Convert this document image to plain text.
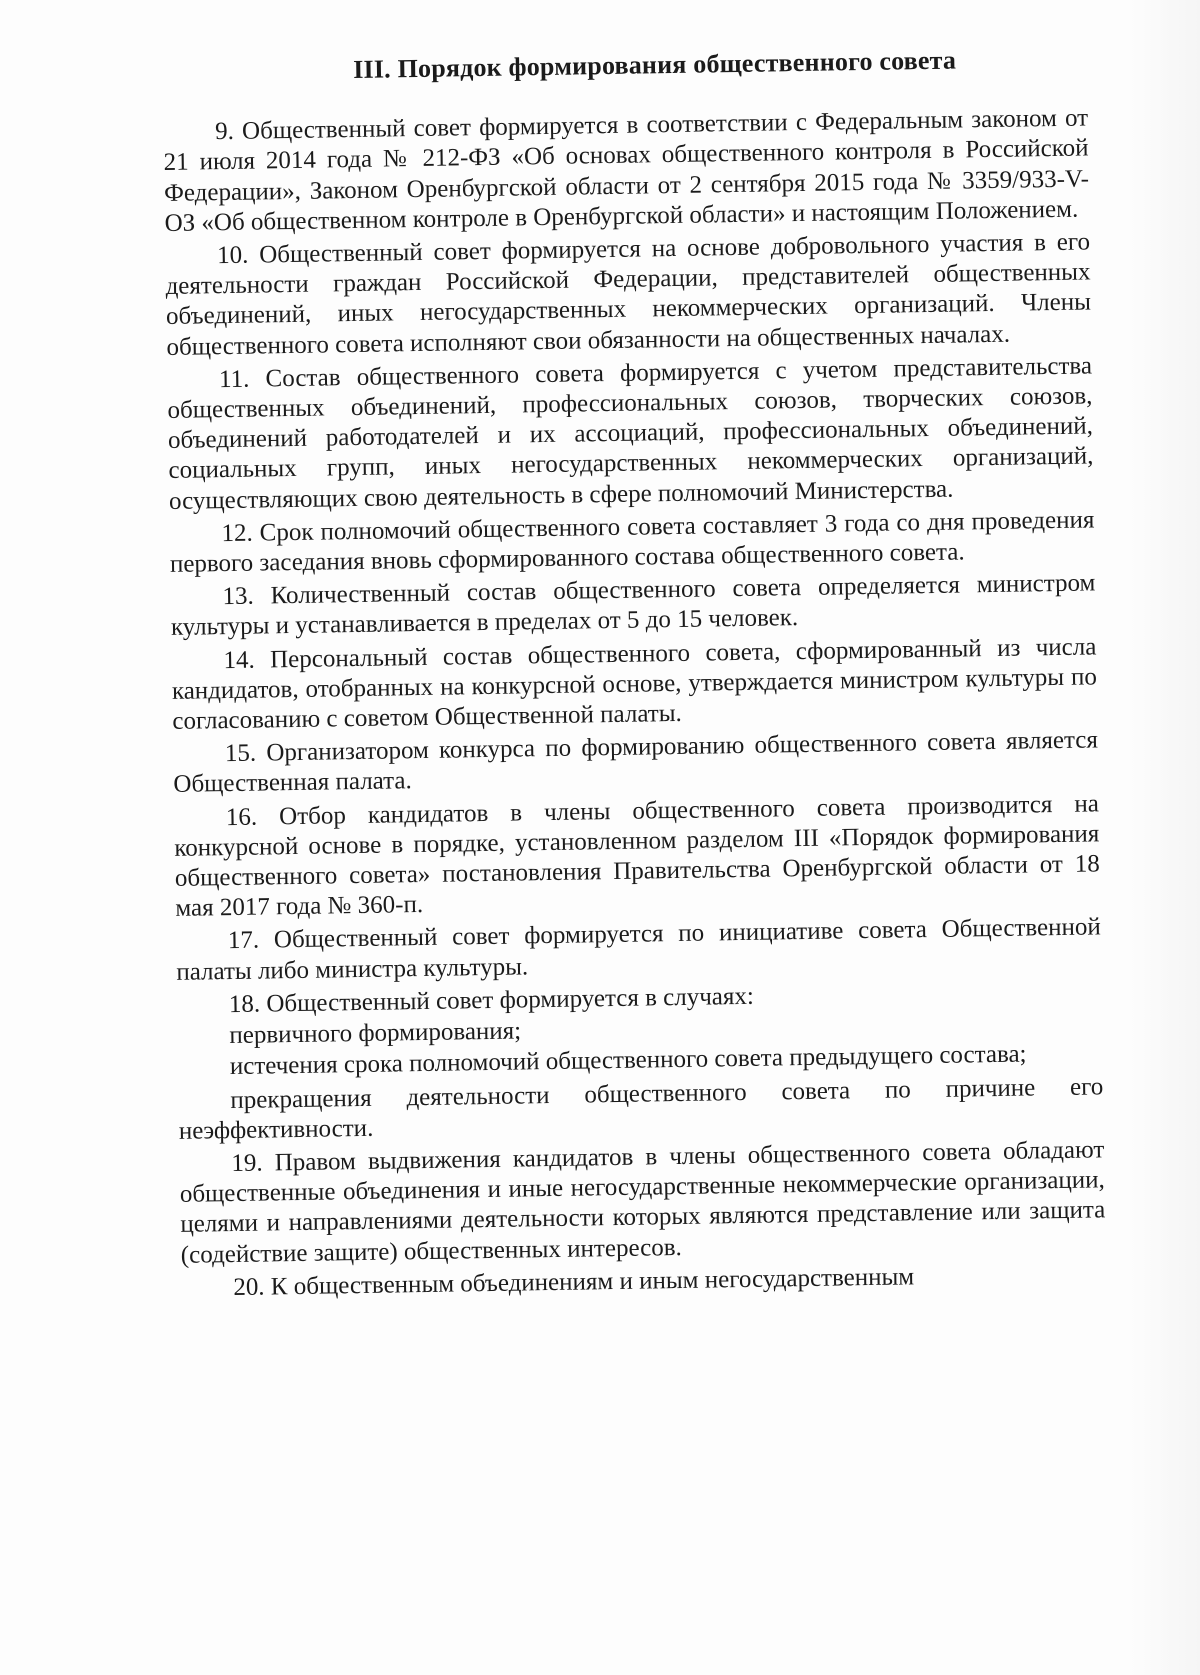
III. Порядок формирования общественного совета

9. Общественный совет формируется в соответствии с Федеральным законом от 21 июля 2014 года № 212-ФЗ «Об основах общественного контроля в Российской Федерации», Законом Оренбургской области от 2 сентября 2015 года № 3359/933-V-ОЗ «Об общественном контроле в Оренбургской области» и настоящим Положением.

10. Общественный совет формируется на основе добровольного участия в его деятельности граждан Российской Федерации, представителей общественных объединений, иных негосударственных некоммерческих организаций. Члены общественного совета исполняют свои обязанности на общественных началах.

11. Состав общественного совета формируется с учетом представительства общественных объединений, профессиональных союзов, творческих союзов, объединений работодателей и их ассоциаций, профессиональных объединений, социальных групп, иных негосударственных некоммерческих организаций, осуществляющих свою деятельность в сфере полномочий Министерства.

12. Срок полномочий общественного совета составляет 3 года со дня проведения первого заседания вновь сформированного состава общественного совета.

13. Количественный состав общественного совета определяется министром культуры и устанавливается в пределах от 5 до 15 человек.

14. Персональный состав общественного совета, сформированный из числа кандидатов, отобранных на конкурсной основе, утверждается министром культуры по согласованию с советом Общественной палаты.

15. Организатором конкурса по формированию общественного совета является Общественная палата.

16. Отбор кандидатов в члены общественного совета производится на конкурсной основе в порядке, установленном разделом III «Порядок формирования общественного совета» постановления Правительства Оренбургской области от 18 мая 2017 года № 360-п.

17. Общественный совет формируется по инициативе совета Общественной палаты либо министра культуры.

18. Общественный совет формируется в случаях:

первичного формирования;

истечения срока полномочий общественного совета предыдущего состава;

прекращения деятельности общественного совета по причине его неэффективности.

19. Правом выдвижения кандидатов в члены общественного совета обладают общественные объединения и иные негосударственные некоммерческие организации, целями и направлениями деятельности которых являются представление или защита (содействие защите) общественных интересов.

20. К общественным объединениям и иным негосударственным
